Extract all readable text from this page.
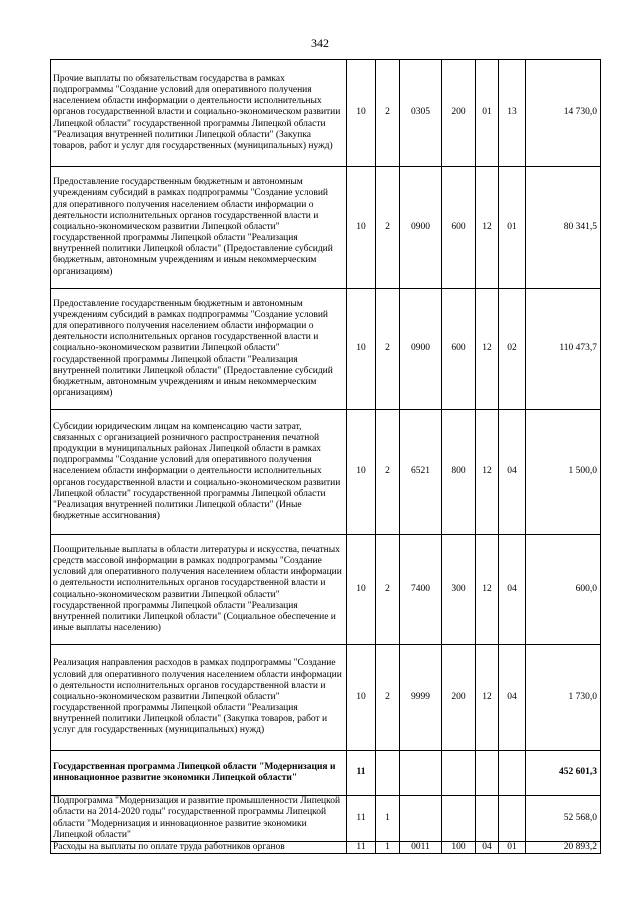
342
Прочие выплаты по обязательствам государства в рамках подпрограммы "Создание условий для оперативного получения населением области информации о деятельности исполнительных органов государственной власти и социально-экономическом развитии Липецкой области" государственной программы Липецкой области "Реализация внутренней политики Липецкой области" (Закупка товаров, работ и услуг для государственных (муниципальных) нужд)	10	2	0305	200	01	13	14 730,0
Предоставление государственным бюджетным и автономным учреждениям субсидий в рамках подпрограммы "Создание условий для оперативного получения населением области информации о деятельности исполнительных органов государственной власти и социально-экономическом развитии Липецкой области" государственной программы Липецкой области "Реализация внутренней политики Липецкой области" (Предоставление субсидий бюджетным, автономным учреждениям и иным некоммерческим организациям)	10	2	0900	600	12	01	80 341,5
Предоставление государственным бюджетным и автономным учреждениям субсидий в рамках подпрограммы "Создание условий для оперативного получения населением области информации о деятельности исполнительных органов государственной власти и социально-экономическом развитии Липецкой области" государственной программы Липецкой области "Реализация внутренней политики Липецкой области" (Предоставление субсидий бюджетным, автономным учреждениям и иным некоммерческим организациям)	10	2	0900	600	12	02	110 473,7
Субсидии юридическим лицам на компенсацию части затрат, связанных с организацией розничного распространения печатной продукции в муниципальных районах Липецкой области в рамках подпрограммы "Создание условий для оперативного получения населением области информации о деятельности исполнительных органов государственной власти и социально-экономическом развитии Липецкой области" государственной программы Липецкой области "Реализация внутренней политики Липецкой области" (Иные бюджетные ассигнования)	10	2	6521	800	12	04	1 500,0
Поощрительные выплаты в области литературы и искусства, печатных средств массовой информации в рамках подпрограммы "Создание условий для оперативного получения населением области информации о деятельности исполнительных органов государственной власти и социально-экономическом развитии Липецкой области" государственной программы Липецкой области "Реализация внутренней политики Липецкой области" (Социальное обеспечение и иные выплаты населению)	10	2	7400	300	12	04	600,0
Реализация направления расходов в рамках подпрограммы "Создание условий для оперативного получения населением области информации о деятельности исполнительных органов государственной власти и социально-экономическом развитии Липецкой области" государственной программы Липецкой области "Реализация внутренней политики Липецкой области" (Закупка товаров, работ и услуг для государственных (муниципальных) нужд)	10	2	9999	200	12	04	1 730,0
Государственная программа Липецкой области "Модернизация и инновационное развитие экономики Липецкой области"	11						452 601,3
Подпрограмма "Модернизация и развитие промышленности Липецкой области на 2014-2020 годы" государственной программы Липецкой области "Модернизация и инновационное развитие экономики Липецкой области"	11	1					52 568,0
Расходы на выплаты по оплате труда работников органов	11	1	0011	100	04	01	20 893,2
